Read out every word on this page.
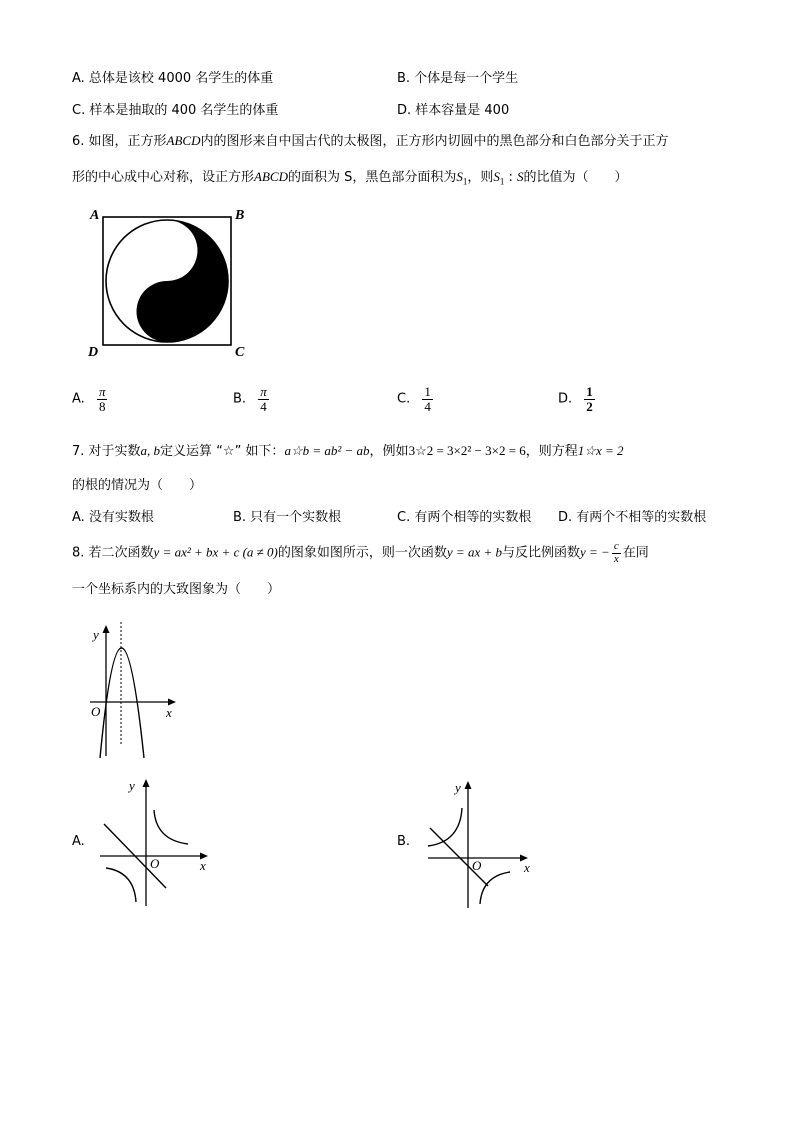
A. 总体是该校 4000 名学生的体重	B. 个体是每一个学生
C. 样本是抽取的 400 名学生的体重	D. 样本容量是 400
6. 如图，正方形ABCD内的图形来自中国古代的太极图，正方形内切圆中的黑色部分和白色部分关于正方
形的中心成中心对称，设正方形ABCD的面积为 S，黑色部分面积为$S_1$，则$S_1$ : S的比值为（　　）
A	B
C
D
A. $\frac{\pi}{8}$	B. $\frac{\pi}{4}$	C. $\frac{1}{4}$	D. $\frac{1}{2}$
7. 对于实数a, b定义运算 “☆” 如下：a☆b = ab² − ab，例如3☆2 = 3×2² − 3×2 = 6，则方程1☆x = 2
的根的情况为（　　）
A. 没有实数根	B. 只有一个实数根	C. 有两个相等的实数根 D. 有两个不相等的实数根
8. 若二次函数y = ax² + bx + c (a ≠ 0)的图象如图所示，则一次函数y = ax + b与反比例函数y = − $\frac{c}{x}$ 在同
一个坐标系内的大致图象为（　　）
y
x
O
A.
y
x
O
B.
y
x
O
